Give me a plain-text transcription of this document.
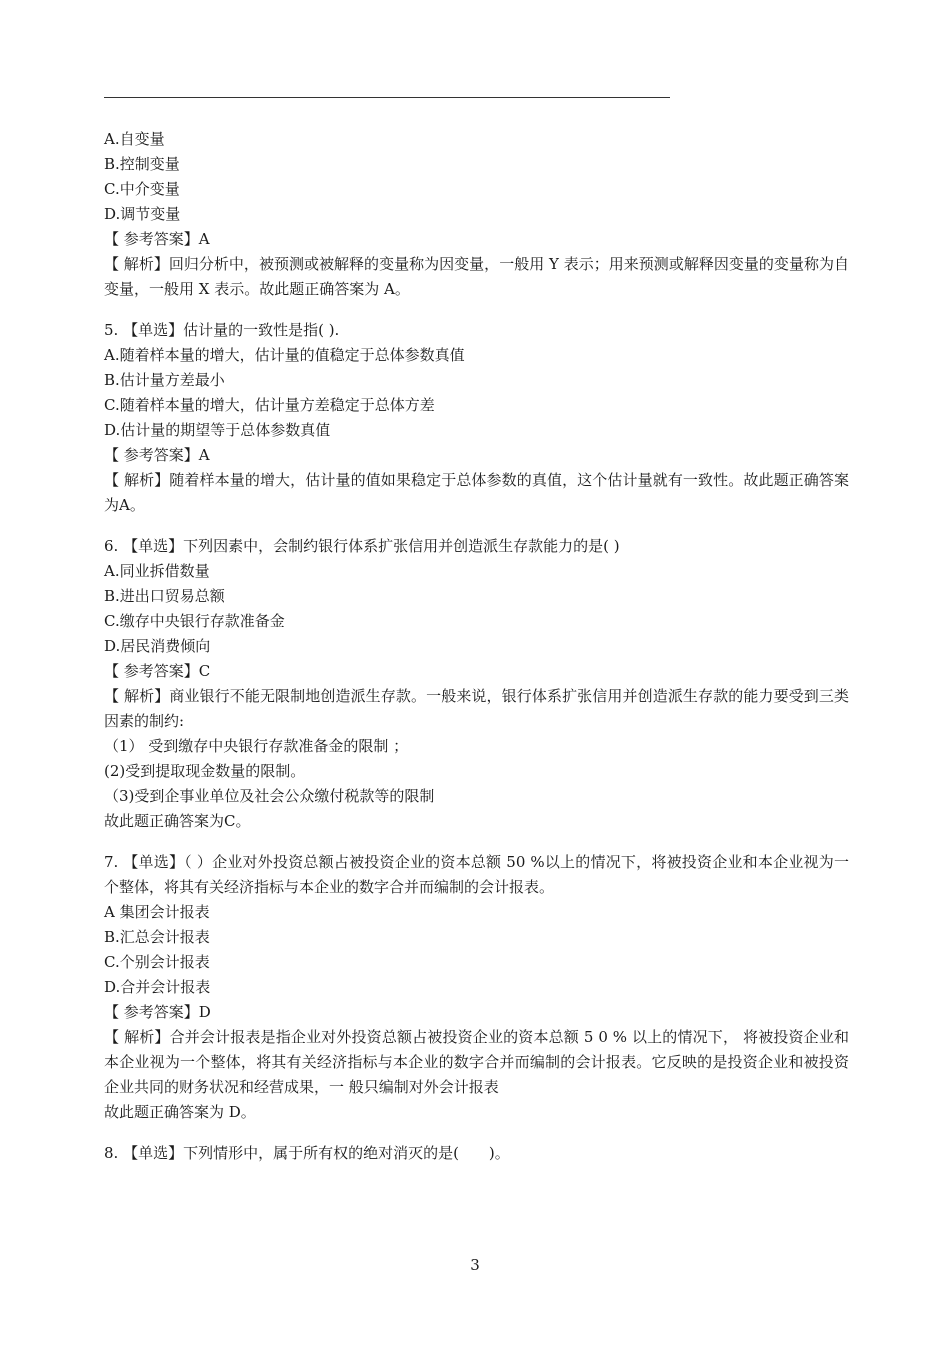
A.自变量
B.控制变量
C.中介变量
D.调节变量
【 参考答案】A
【 解析】回归分析中，被预测或被解释的变量称为因变量，一般用 Y 表示；用来预测或解释因变量的变量称为自变量，一般用 X 表示。故此题正确答案为 A。
5. 【单选】估计量的一致性是指( ).
A.随着样本量的增大，估计量的值稳定于总体参数真值
B.估计量方差最小
C.随着样本量的增大，估计量方差稳定于总体方差
D.估计量的期望等于总体参数真值
【 参考答案】A
【 解析】随着样本量的增大，估计量的值如果稳定于总体参数的真值，这个估计量就有一致性。故此题正确答案为A。
6. 【单选】下列因素中，会制约银行体系扩张信用并创造派生存款能力的是( )
A.同业拆借数量
B.进出口贸易总额
C.缴存中央银行存款准备金
D.居民消费倾向
【 参考答案】C
【 解析】商业银行不能无限制地创造派生存款。一般来说，银行体系扩张信用并创造派生存款的能力要受到三类因素的制约:
（1） 受到缴存中央银行存款准备金的限制 ；
(2)受到提取现金数量的限制。
（3)受到企事业单位及社会公众缴付税款等的限制
故此题正确答案为C。
7. 【单选】（ ）企业对外投资总额占被投资企业的资本总额 50 %以上的情况下，将被投资企业和本企业视为一个整体，将其有关经济指标与本企业的数字合并而编制的会计报表。
A 集团会计报表
B.汇总会计报表
C.个别会计报表
D.合并会计报表
【 参考答案】D
【 解析】合并会计报表是指企业对外投资总额占被投资企业的资本总额 5 0 % 以上的情况下， 将被投资企业和本企业视为一个整体，将其有关经济指标与本企业的数字合并而编制的会计报表。它反映的是投资企业和被投资企业共同的财务状况和经营成果，一 般只编制对外会计报表
故此题正确答案为 D。
8. 【单选】下列情形中，属于所有权的绝对消灭的是(　　)。
3
